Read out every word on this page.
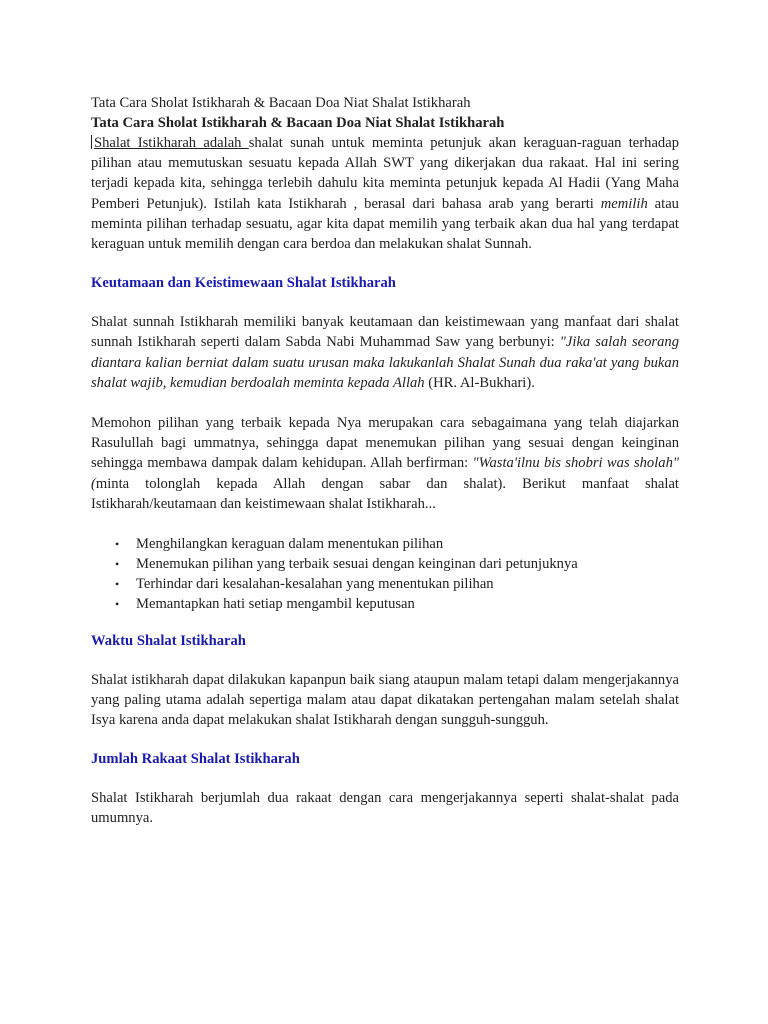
Tata Cara Sholat Istikharah & Bacaan Doa Niat Shalat Istikharah
Tata Cara Sholat Istikharah & Bacaan Doa Niat Shalat Istikharah

Shalat Istikharah adalah shalat sunah untuk meminta petunjuk akan keraguan-raguan terhadap pilihan atau memutuskan sesuatu kepada Allah SWT yang dikerjakan dua rakaat. Hal ini sering terjadi kepada kita, sehingga terlebih dahulu kita meminta petunjuk kepada Al Hadii (Yang Maha Pemberi Petunjuk). Istilah kata Istikharah , berasal dari bahasa arab yang berarti memilih atau meminta pilihan terhadap sesuatu, agar kita dapat memilih yang terbaik akan dua hal yang terdapat keraguan untuk memilih dengan cara berdoa dan melakukan shalat Sunnah.

Keutamaan dan Keistimewaan Shalat Istikharah

Shalat sunnah Istikharah memiliki banyak keutamaan dan keistimewaan yang manfaat dari shalat sunnah Istikharah seperti dalam Sabda Nabi Muhammad Saw yang berbunyi: "Jika salah seorang diantara kalian berniat dalam suatu urusan maka lakukanlah Shalat Sunah dua raka'at yang bukan shalat wajib, kemudian berdoalah meminta kepada Allah (HR. Al-Bukhari).

Memohon pilihan yang terbaik kepada Nya merupakan cara sebagaimana yang telah diajarkan Rasulullah bagi ummatnya, sehingga dapat menemukan pilihan yang sesuai dengan keinginan sehingga membawa dampak dalam kehidupan. Allah berfirman: "Wasta'ilnu bis shobri was sholah" (minta tolonglah kepada Allah dengan sabar dan shalat). Berikut manfaat shalat Istikharah/keutamaan dan keistimewaan shalat Istikharah...

• Menghilangkan keraguan dalam menentukan pilihan
• Menemukan pilihan yang terbaik sesuai dengan keinginan dari petunjuknya
• Terhindar dari kesalahan-kesalahan yang menentukan pilihan
• Memantapkan hati setiap mengambil keputusan
Waktu Shalat Istikharah

Shalat istikharah dapat dilakukan kapanpun baik siang ataupun malam tetapi dalam mengerjakannya yang paling utama adalah sepertiga malam atau dapat dikatakan pertengahan malam setelah shalat Isya karena anda dapat melakukan shalat Istikharah dengan sungguh-sungguh.

Jumlah Rakaat Shalat Istikharah

Shalat Istikharah berjumlah dua rakaat dengan cara mengerjakannya seperti shalat-shalat pada umumnya.
